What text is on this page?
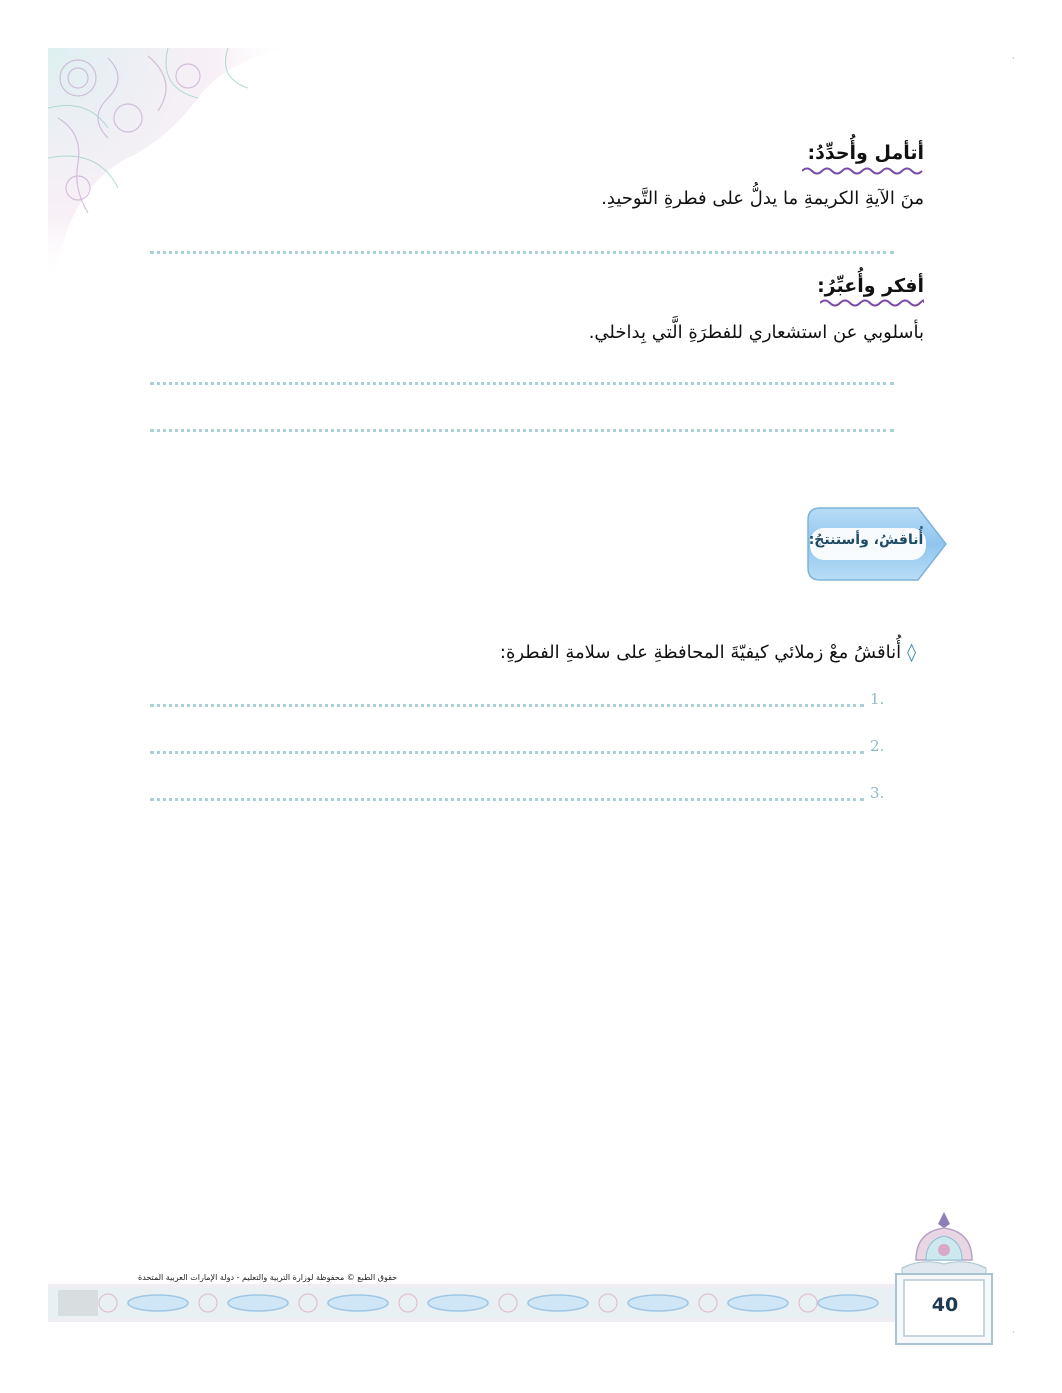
أتأمل وأُحدِّدُ:
منَ الآيةِ الكريمةِ ما يدلُّ على فطرةِ التَّوحيدِ.
أفكر وأُعبِّرُ:
بأسلوبي عن استشعاري للفطرَةِ الَّتي بِداخلي.
أُناقشُ، وأستنتجُ:
◊أُناقشُ معْ زملائي كيفيّةَ المحافظةِ على سلامةِ الفطرةِ:
1.
2.
3.
حقوق الطبع © محفوظة لوزارة التربية والتعليم - دولة الإمارات العربية المتحدة
40
·
·
